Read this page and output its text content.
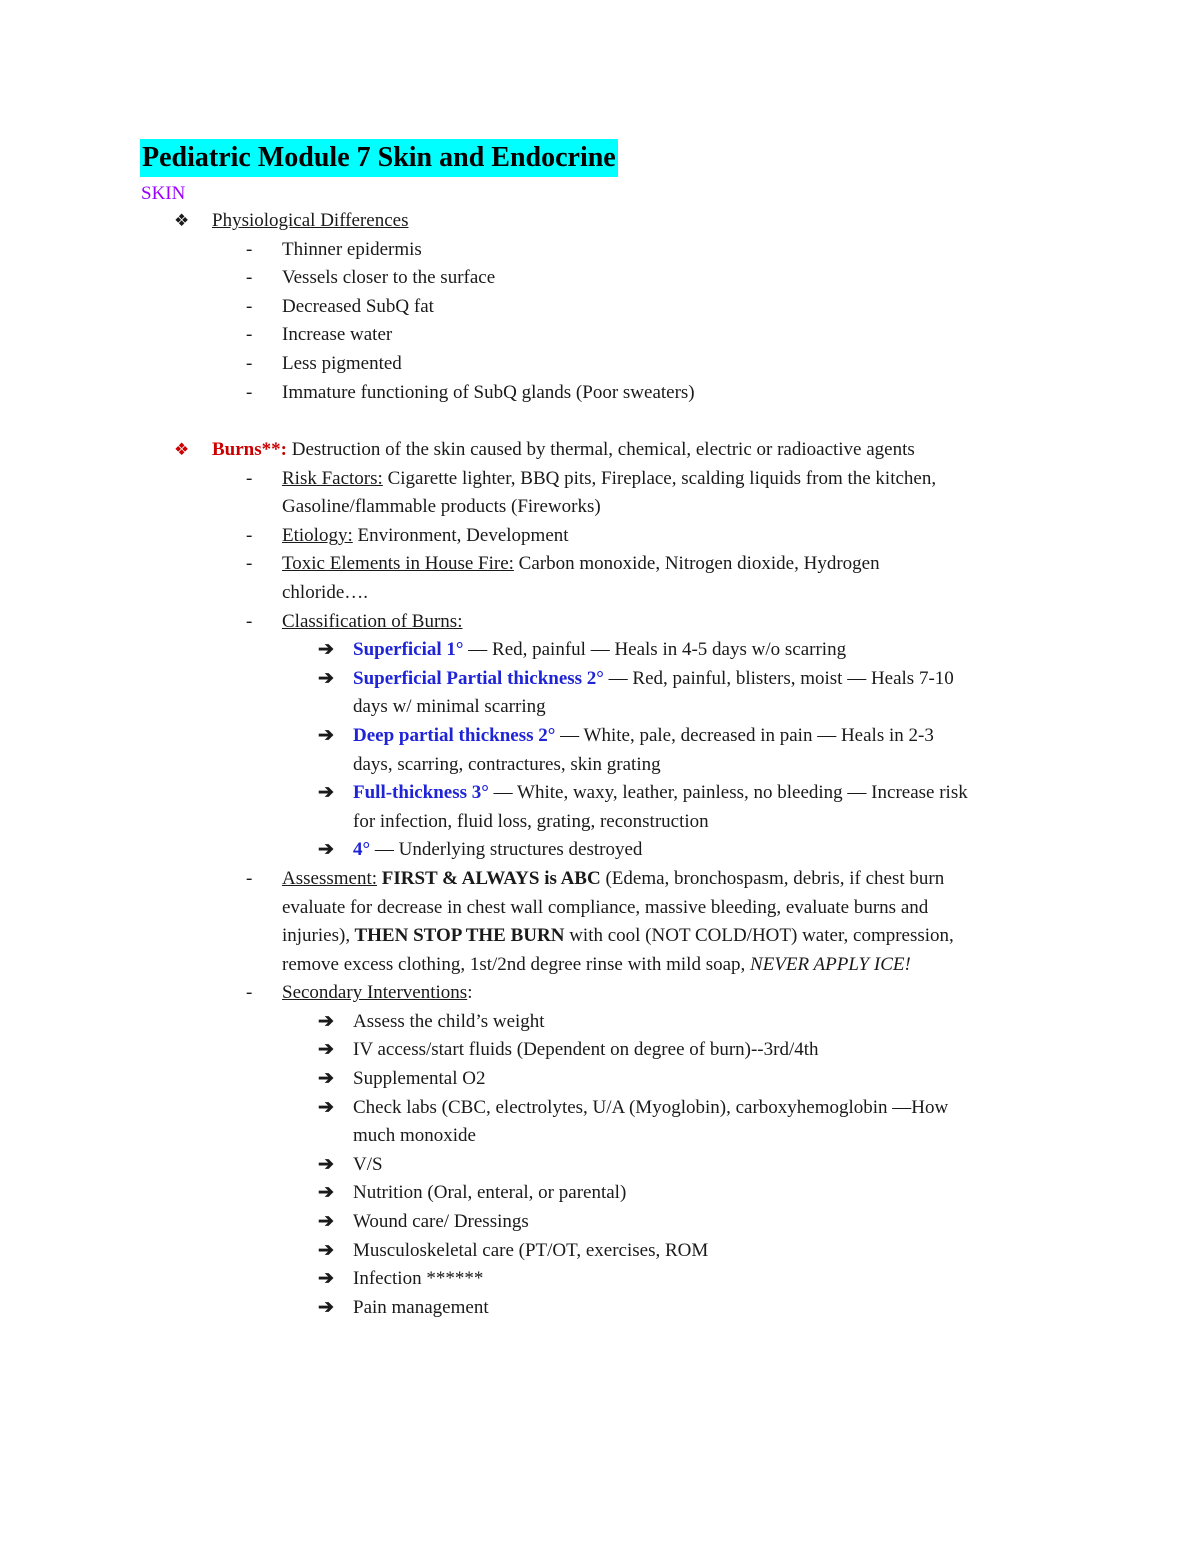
Pediatric Module 7 Skin and Endocrine
SKIN
❖ Physiological Differences
- Thinner epidermis
- Vessels closer to the surface
- Decreased SubQ fat
- Increase water
- Less pigmented
- Immature functioning of SubQ glands (Poor sweaters)
❖ Burns**: Destruction of the skin caused by thermal, chemical, electric or radioactive agents
- Risk Factors: Cigarette lighter, BBQ pits, Fireplace, scalding liquids from the kitchen,
Gasoline/flammable products (Fireworks)
- Etiology: Environment, Development
- Toxic Elements in House Fire: Carbon monoxide, Nitrogen dioxide, Hydrogen
chloride….
- Classification of Burns:
➔ Superficial 1° — Red, painful — Heals in 4-5 days w/o scarring
➔ Superficial Partial thickness 2° — Red, painful, blisters, moist — Heals 7-10
days w/ minimal scarring
➔ Deep partial thickness 2° — White, pale, decreased in pain — Heals in 2-3
days, scarring, contractures, skin grating
➔ Full-thickness 3° — White, waxy, leather, painless, no bleeding — Increase risk
for infection, fluid loss, grating, reconstruction
➔ 4° — Underlying structures destroyed
- Assessment: FIRST & ALWAYS is ABC (Edema, bronchospasm, debris, if chest burn
evaluate for decrease in chest wall compliance, massive bleeding, evaluate burns and
injuries), THEN STOP THE BURN with cool (NOT COLD/HOT) water, compression,
remove excess clothing, 1st/2nd degree rinse with mild soap, NEVER APPLY ICE!
- Secondary Interventions:
➔ Assess the child’s weight
➔ IV access/start fluids (Dependent on degree of burn)--3rd/4th
➔ Supplemental O2
➔ Check labs (CBC, electrolytes, U/A (Myoglobin), carboxyhemoglobin —How
much monoxide
➔ V/S
➔ Nutrition (Oral, enteral, or parental)
➔ Wound care/ Dressings
➔ Musculoskeletal care (PT/OT, exercises, ROM
➔ Infection ******
➔ Pain management
